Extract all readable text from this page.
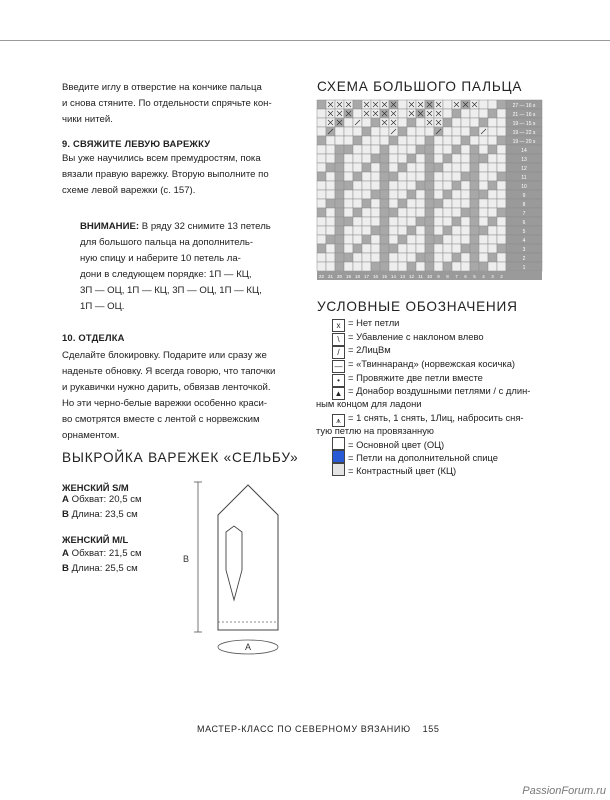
Введите иглу в отверстие на кончике пальца
и снова стяните. По отдельности спрячьте кон-
чики нитей.
9. СВЯЖИТЕ ЛЕВУЮ ВАРЕЖКУ
Вы уже научились всем премудростям, пока
вязали правую варежку. Вторую выполните по
схеме левой варежки (с. 157).
ВНИМАНИЕ: В ряду 32 снимите 13 петель
для большого пальца на дополнитель-
ную спицу и наберите 10 петель ла-
дони в следующем порядке: 1П — КЦ,
3П — ОЦ, 1П — КЦ, 3П — ОЦ, 1П — КЦ,
1П — ОЦ.
10. ОТДЕЛКА
Сделайте блокировку. Подарите или сразу же
наденьте обновку. Я всегда говорю, что тапочки
и рукавички нужно дарить, обвязав ленточкой.
Но эти черно-белые варежки особенно краси-
во смотрятся вместе с лентой с норвежским
орнаментом.
ВЫКРОЙКА ВАРЕЖЕК «СЕЛЬБУ»
ЖЕНСКИЙ S/M

A Обхват: 20,5 см

B Длина: 23,5 см

ЖЕНСКИЙ M/L

A Обхват: 21,5 см

B Длина: 25,5 см

B
A
СХЕМА БОЛЬШОГО ПАЛЬЦА
27 — 16 s
21 — 16 s
19 — 15 s
19 — 22 s
19 — 20 s
14
13
12
11
10
9
8
7
6
5
4
3
2
1
22 21 20 19 18 17 16 15 14 13 12 11 10 9 8 7 6 5 4 3 2
УСЛОВНЫЕ ОБОЗНАЧЕНИЯ
x = Нет петли
\ = Убавление с наклоном влево
/ = 2ЛицВм
— = «Твиннаранд» (норвежская косичка)
• = Провяжите две петли вместе
▲ = Донабор воздушными петлями / с длин-
ным концом для ладони
⩚ = 1 снять, 1 снять, 1Лиц, набросить сня-
тую петлю на провязанную
= Основной цвет (ОЦ)
= Петли на дополнительной спице
= Контрастный цвет (КЦ)

МАСТЕР-КЛАСС ПО СЕВЕРНОМУ ВЯЗАНИЮ 155

PassionForum.ru
